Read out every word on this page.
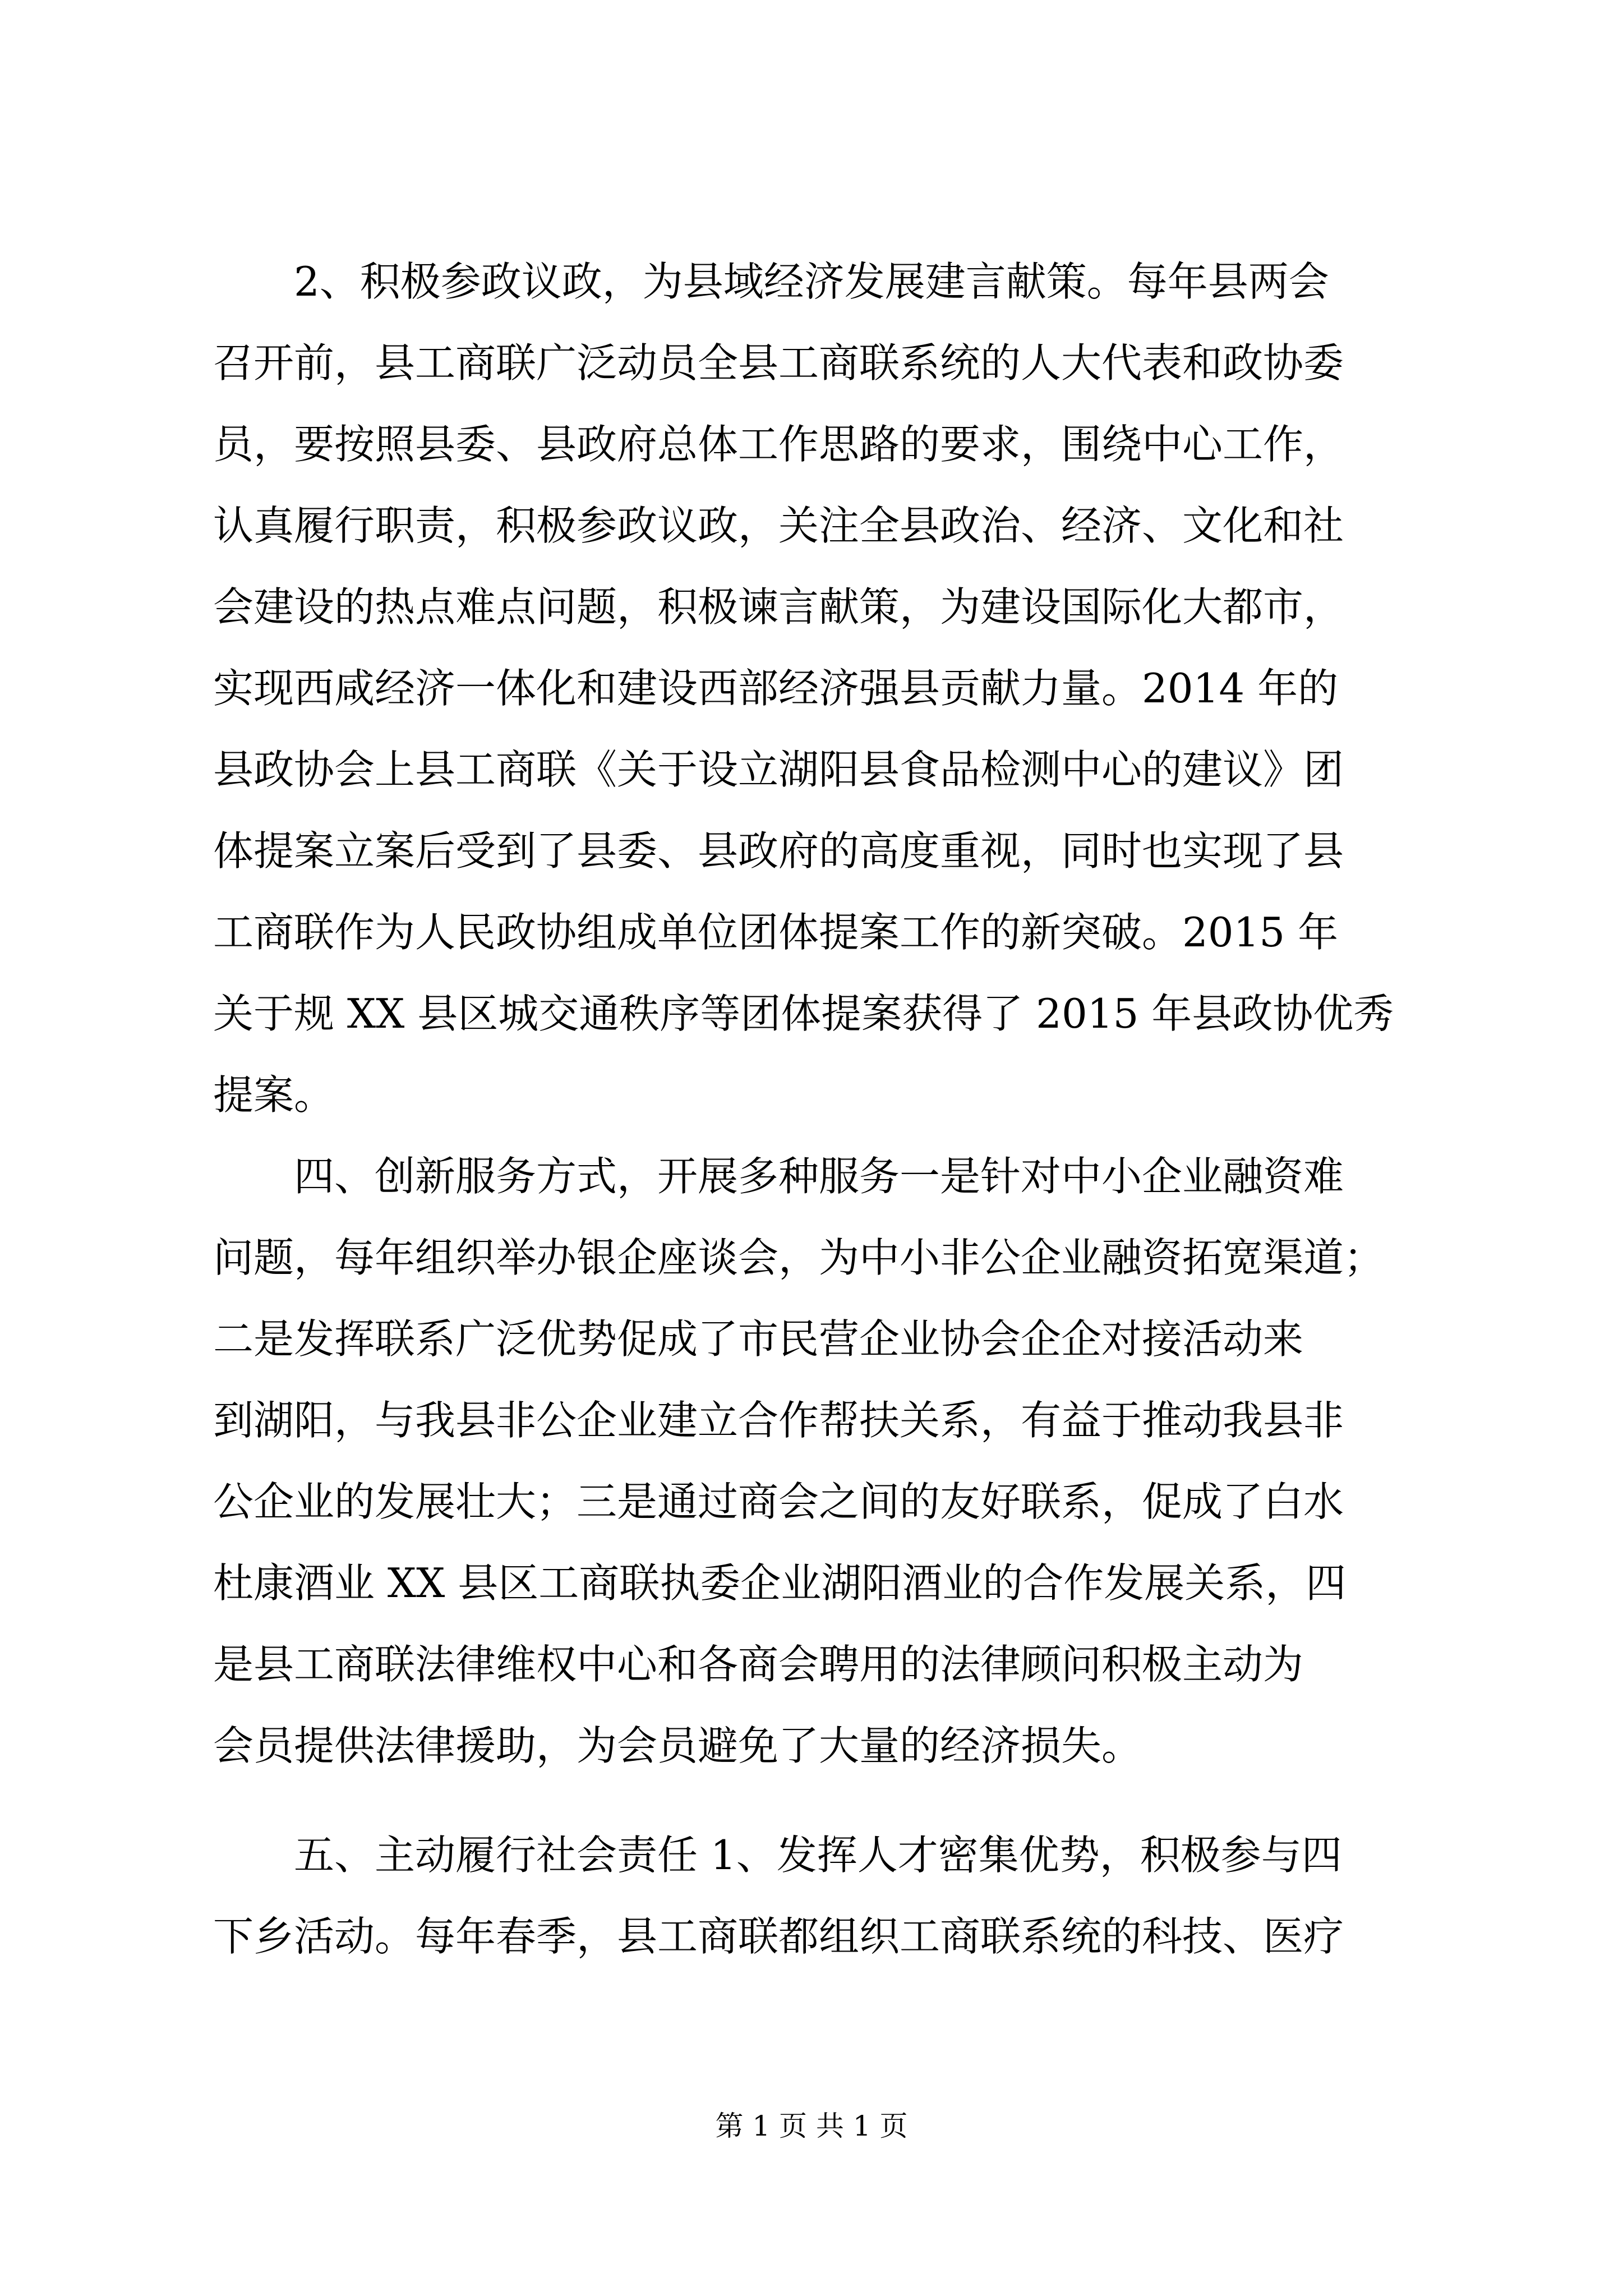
　　2、积极参政议政，为县域经济发展建言献策。每年县两会
召开前，县工商联广泛动员全县工商联系统的人大代表和政协委
员，要按照县委、县政府总体工作思路的要求，围绕中心工作，
认真履行职责，积极参政议政，关注全县政治、经济、文化和社
会建设的热点难点问题，积极谏言献策，为建设国际化大都市，
实现西咸经济一体化和建设西部经济强县贡献力量。2014 年的
县政协会上县工商联《关于设立湖阳县食品检测中心的建议》团
体提案立案后受到了县委、县政府的高度重视，同时也实现了县
工商联作为人民政协组成单位团体提案工作的新突破。2015 年
关于规 XX 县区城交通秩序等团体提案获得了 2015 年县政协优秀
提案。
　　四、创新服务方式，开展多种服务一是针对中小企业融资难
问题，每年组织举办银企座谈会，为中小非公企业融资拓宽渠道；
二是发挥联系广泛优势促成了市民营企业协会企企对接活动来
到湖阳，与我县非公企业建立合作帮扶关系，有益于推动我县非
公企业的发展壮大；三是通过商会之间的友好联系，促成了白水
杜康酒业 XX 县区工商联执委企业湖阳酒业的合作发展关系，四
是县工商联法律维权中心和各商会聘用的法律顾问积极主动为
会员提供法律援助，为会员避免了大量的经济损失。
　　五、主动履行社会责任 1、发挥人才密集优势，积极参与四
下乡活动。每年春季，县工商联都组织工商联系统的科技、医疗
第 1 页 共 1 页
